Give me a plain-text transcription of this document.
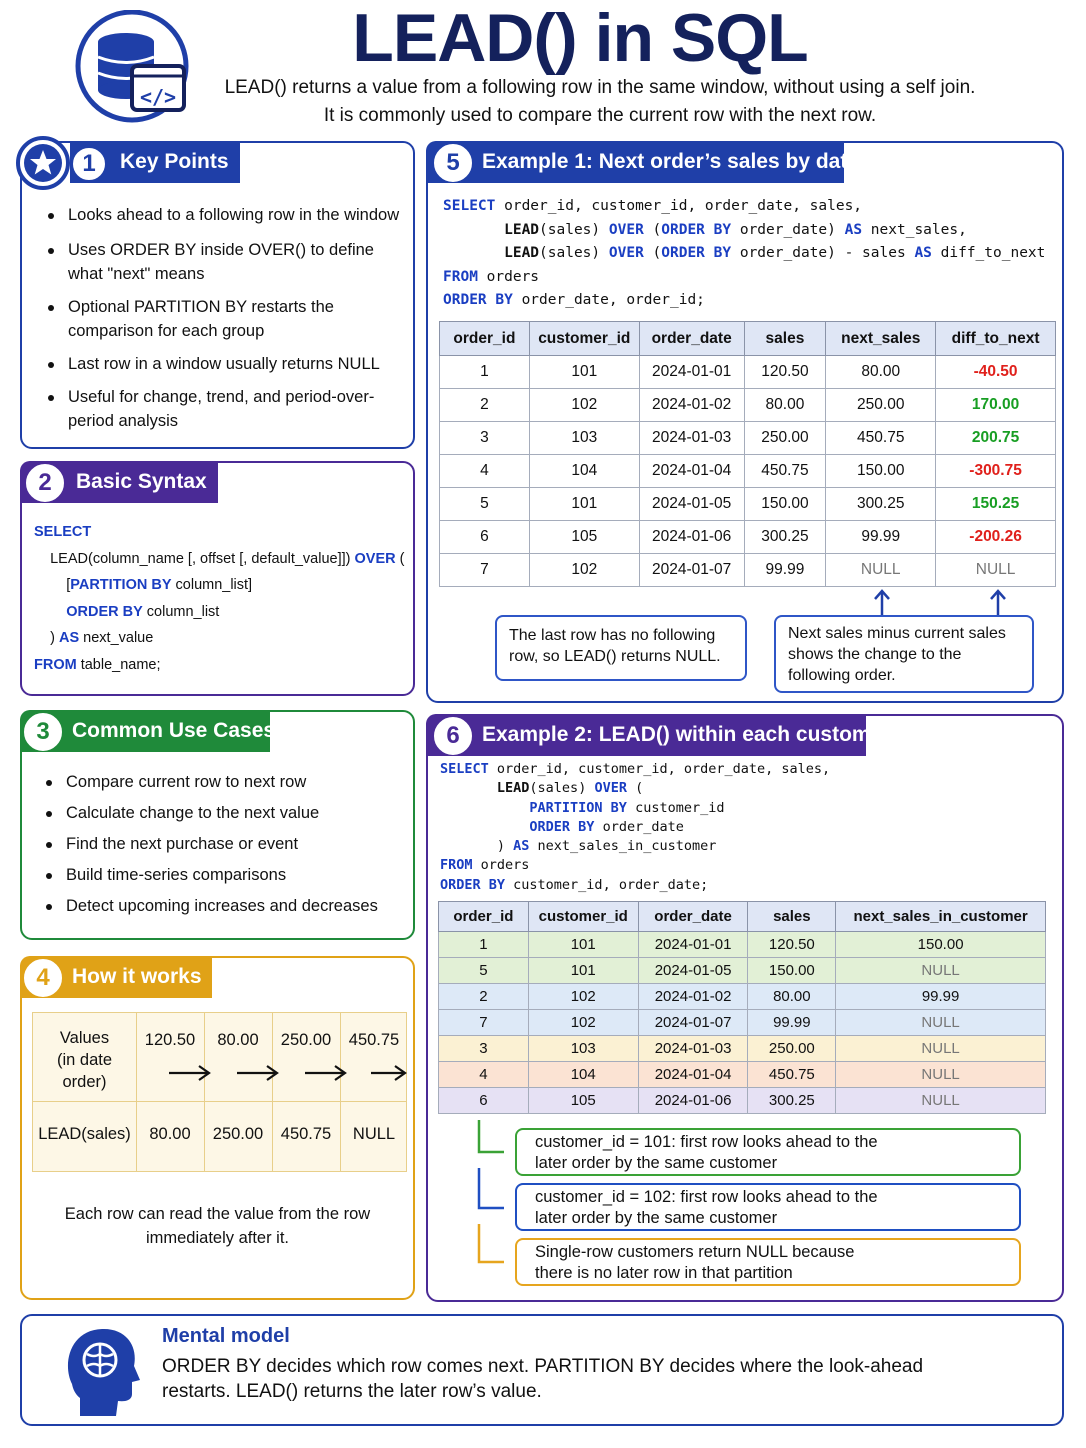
</>
LEAD() in SQL
LEAD() returns a value from a following row in the same window, without using a self join.
It is commonly used to compare the current row with the next row.
Key Points
1
Looks ahead to a following row in the window
Uses ORDER BY inside OVER() to define what "next" means
Optional PARTITION BY restarts the comparison for each group
Last row in a window usually returns NULL
Useful for change, trend, and period-over-period analysis
Basic Syntax
2
SELECT
LEAD(column_name [, offset [, default_value]]) OVER (
[PARTITION BY column_list]
ORDER BY column_list
) AS next_value
FROM table_name;
Common Use Cases
3
Compare current row to next row
Calculate change to the next value
Find the next purchase or event
Build time-series comparisons
Detect upcoming increases and decreases
How it works
4
Values
(in date order)
120.50	80.00	250.00	450.75
LEAD(sales)	80.00	250.00	450.75	NULL
Each row can read the value from the row
immediately after it.
Example 1: Next order’s sales by date
5
SELECT order_id, customer_id, order_date, sales,
LEAD(sales) OVER (ORDER BY order_date) AS next_sales,
LEAD(sales) OVER (ORDER BY order_date) - sales AS diff_to_next
FROM orders
ORDER BY order_date, order_id;
order_id	customer_id	order_date	sales	next_sales	diff_to_next
1	101	2024-01-01	120.50	80.00	-40.50
2	102	2024-01-02	80.00	250.00	170.00
3	103	2024-01-03	250.00	450.75	200.75
4	104	2024-01-04	450.75	150.00	-300.75
5	101	2024-01-05	150.00	300.25	150.25
6	105	2024-01-06	300.25	99.99	-200.26
7	102	2024-01-07	99.99	NULL	NULL
The last row has no following row, so LEAD() returns NULL.
Next sales minus current sales shows the change to the following order.
Example 2: LEAD() within each customer
6
SELECT order_id, customer_id, order_date, sales,
LEAD(sales) OVER (
PARTITION BY customer_id
ORDER BY order_date
) AS next_sales_in_customer
FROM orders
ORDER BY customer_id, order_date;
order_id	customer_id	order_date	sales	next_sales_in_customer
1	101	2024-01-01	120.50	150.00
5	101	2024-01-05	150.00	NULL
2	102	2024-01-02	80.00	99.99
7	102	2024-01-07	99.99	NULL
3	103	2024-01-03	250.00	NULL
4	104	2024-01-04	450.75	NULL
6	105	2024-01-06	300.25	NULL
customer_id = 101: first row looks ahead to the
later order by the same customer
customer_id = 102: first row looks ahead to the
later order by the same customer
Single-row customers return NULL because
there is no later row in that partition
Mental model
ORDER BY decides which row comes next. PARTITION BY decides where the look-ahead
restarts. LEAD() returns the later row’s value.
